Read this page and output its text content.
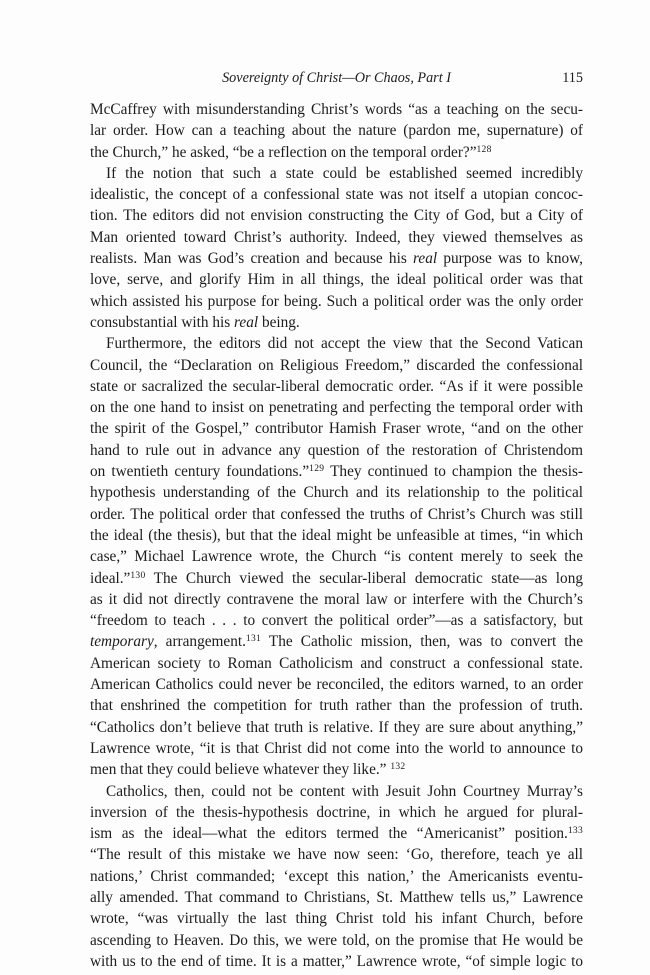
Sovereignty of Christ—Or Chaos, Part I	115
McCaffrey with misunderstanding Christ’s words “as a teaching on the secu-
lar order. How can a teaching about the nature (pardon me, supernature) of
the Church,” he asked, “be a reflection on the temporal order?”$^{128}$
If the notion that such a state could be established seemed incredibly
idealistic, the concept of a confessional state was not itself a utopian concoc-
tion. The editors did not envision constructing the City of God, but a City of
Man oriented toward Christ’s authority. Indeed, they viewed themselves as
realists. Man was God’s creation and because his real purpose was to know,
love, serve, and glorify Him in all things, the ideal political order was that
which assisted his purpose for being. Such a political order was the only order
consubstantial with his real being.
Furthermore, the editors did not accept the view that the Second Vatican
Council, the “Declaration on Religious Freedom,” discarded the confessional
state or sacralized the secular-liberal democratic order. “As if it were possible
on the one hand to insist on penetrating and perfecting the temporal order with
the spirit of the Gospel,” contributor Hamish Fraser wrote, “and on the other
hand to rule out in advance any question of the restoration of Christendom
on twentieth century foundations.”$^{129}$ They continued to champion the thesis-
hypothesis understanding of the Church and its relationship to the political
order. The political order that confessed the truths of Christ’s Church was still
the ideal (the thesis), but that the ideal might be unfeasible at times, “in which
case,” Michael Lawrence wrote, the Church “is content merely to seek the
ideal.”$^{130}$ The Church viewed the secular-liberal democratic state—as long
as it did not directly contravene the moral law or interfere with the Church’s
“freedom to teach . . . to convert the political order”—as a satisfactory, but
temporary, arrangement.$^{131}$ The Catholic mission, then, was to convert the
American society to Roman Catholicism and construct a confessional state.
American Catholics could never be reconciled, the editors warned, to an order
that enshrined the competition for truth rather than the profession of truth.
“Catholics don’t believe that truth is relative. If they are sure about anything,”
Lawrence wrote, “it is that Christ did not come into the world to announce to
men that they could believe whatever they like.” $^{132}$
Catholics, then, could not be content with Jesuit John Courtney Murray’s
inversion of the thesis-hypothesis doctrine, in which he argued for plural-
ism as the ideal—what the editors termed the “Americanist” position.$^{133}$
“The result of this mistake we have now seen: ‘Go, therefore, teach ye all
nations,’ Christ commanded; ‘except this nation,’ the Americanists eventu-
ally amended. That command to Christians, St. Matthew tells us,” Lawrence
wrote, “was virtually the last thing Christ told his infant Church, before
ascending to Heaven. Do this, we were told, on the promise that He would be
with us to the end of time. It is a matter,” Lawrence wrote, “of simple logic to
